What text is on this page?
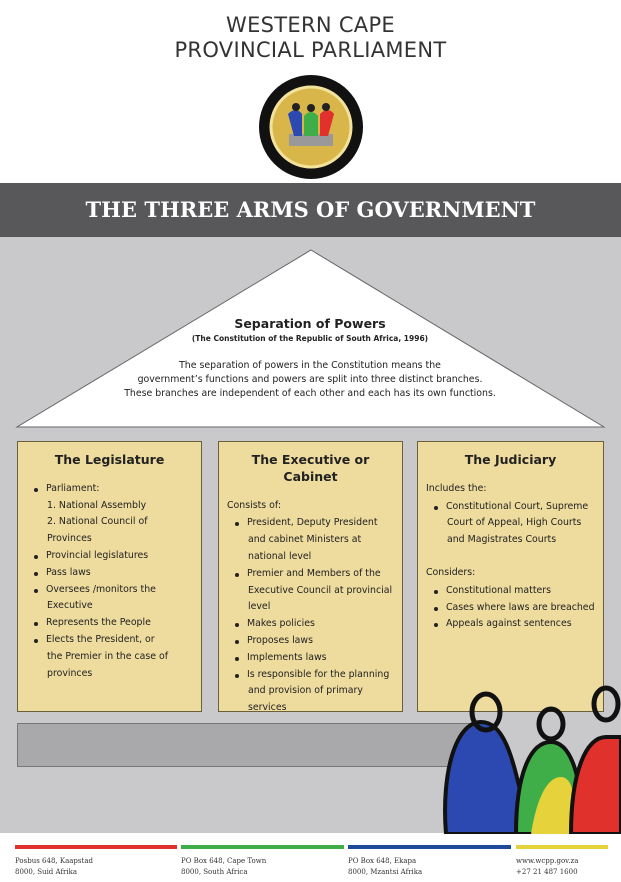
WESTERN CAPE
PROVINCIAL PARLIAMENT
THE THREE ARMS OF GOVERNMENT
Separation of Powers
(The Constitution of the Republic of South Africa, 1996)
The separation of powers in the Constitution means the
government’s functions and powers are split into three distinct branches.
These branches are independent of each other and each has its own functions.
The Legislature
Parliament:
1. National Assembly
2. National Council of Provinces
Provincial legislatures
Pass laws
Oversees /monitors the
Executive
Represents the People
Elects the President, or
the Premier in the case of
provinces
The Executive or Cabinet
Consists of:
President, Deputy President
and cabinet Ministers at
national level
Premier and Members of the
Executive Council at provincial
level
Makes policies
Proposes laws
Implements laws
Is responsible for the planning
and provision of primary
services
The Judiciary
Includes the:
Constitutional Court, Supreme
Court of Appeal, High Courts
and Magistrates Courts
Considers:
Constitutional matters
Cases where laws are breached
Appeals against sentences
Posbus 648, Kaapstad
8000, Suid Afrika
PO Box 648, Cape Town
8000, South Africa
PO Box 648, Ekapa
8000, Mzantsi Afrika
www.wcpp.gov.za
+27 21 487 1600
